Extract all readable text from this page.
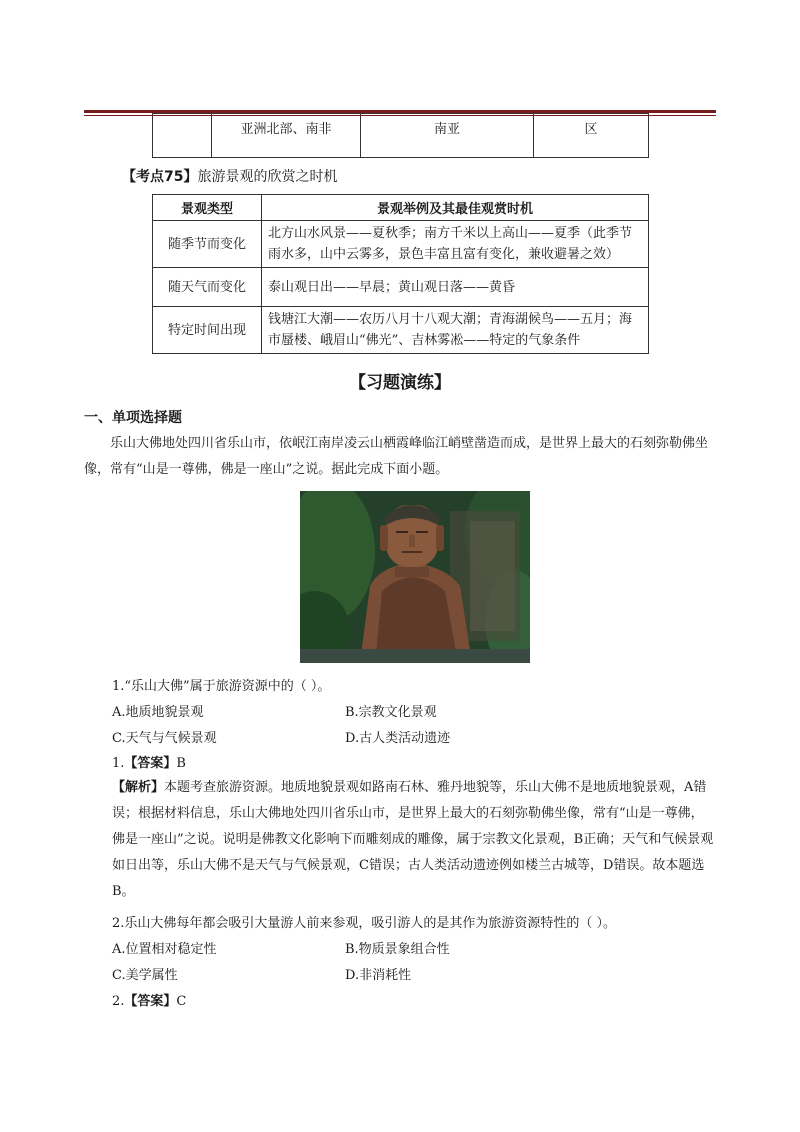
	亚洲北部、南非	南亚	区
【考点75】旅游景观的欣赏之时机
景观类型	景观举例及其最佳观赏时机
随季节而变化	北方山水风景——夏秋季；南方千米以上高山——夏季（此季节雨水多，山中云雾多，景色丰富且富有变化，兼收避暑之效）
随天气而变化	泰山观日出——早晨；黄山观日落——黄昏
特定时间出现	钱塘江大潮——农历八月十八观大潮；青海湖候鸟——五月；海市蜃楼、峨眉山“佛光”、吉林雾凇——特定的气象条件
【习题演练】
一、单项选择题

乐山大佛地处四川省乐山市，依岷江南岸凌云山栖霞峰临江峭壁凿造而成，是世界上最大的石刻弥勒佛坐像，常有“山是一尊佛，佛是一座山”之说。据此完成下面小题。

1.“乐山大佛”属于旅游资源中的（ ）。
A.地质地貌景观	B.宗教文化景观
C.天气与气候景观	D.古人类活动遗迹
1.【答案】B

【解析】本题考查旅游资源。地质地貌景观如路南石林、雅丹地貌等，乐山大佛不是地质地貌景观，A错误；根据材料信息，乐山大佛地处四川省乐山市，是世界上最大的石刻弥勒佛坐像，常有“山是一尊佛，佛是一座山”之说。说明是佛教文化影响下而雕刻成的雕像，属于宗教文化景观，B正确；天气和气候景观如日出等，乐山大佛不是天气与气候景观，C错误；古人类活动遗迹例如楼兰古城等，D错误。故本题选B。

2.乐山大佛每年都会吸引大量游人前来参观，吸引游人的是其作为旅游资源特性的（ ）。
A.位置相对稳定性	B.物质景象组合性
C.美学属性	D.非消耗性
2.【答案】C
